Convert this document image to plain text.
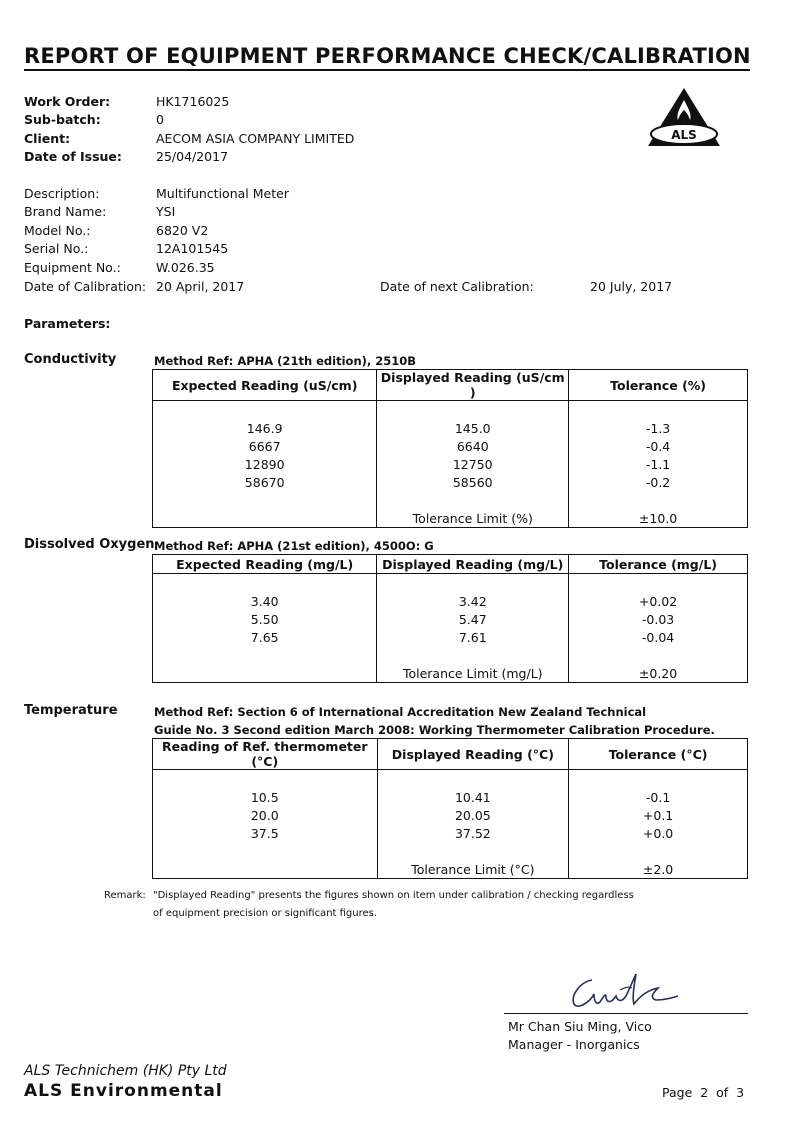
REPORT OF EQUIPMENT PERFORMANCE CHECK/CALIBRATION
ALS
Work Order:	HK1716025
Sub-batch:	0
Client:	AECOM ASIA COMPANY LIMITED
Date of Issue:	25/04/2017
Description:	Multifunctional Meter
Brand Name:	YSI
Model No.:	6820 V2
Serial No.:	12A101545
Equipment No.:	W.026.35
Date of Calibration: 20 April, 2017	Date of next Calibration:	20 July, 2017
Parameters:
Conductivity	Method Ref: APHA (21th edition), 2510B
Expected Reading (uS/cm)	Displayed Reading (uS/cm )	Tolerance (%)

146.9	145.0	-1.3
6667	6640	-0.4
12890	12750	-1.1
58670	58560	-0.2

	Tolerance Limit (%)	±10.0
Dissolved Oxygen Method Ref: APHA (21st edition), 4500O: G
Expected Reading (mg/L)	Displayed Reading (mg/L)	Tolerance (mg/L)

3.40	3.42	+0.02
5.50	5.47	-0.03
7.65	7.61	-0.04

	Tolerance Limit (mg/L)	±0.20
Temperature	Method Ref: Section 6 of International Accreditation New Zealand Technical
Guide No. 3 Second edition March 2008: Working Thermometer Calibration Procedure.
Reading of Ref. thermometer (°C)	Displayed Reading (°C)	Tolerance (°C)

10.5	10.41	-0.1
20.0	20.05	+0.1
37.5	37.52	+0.0

	Tolerance Limit (°C)	±2.0
Remark: "Displayed Reading" presents the figures shown on item under calibration / checking regardless
of equipment precision or significant figures.
Mr Chan Siu Ming, Vico
Manager - Inorganics
ALS Technichem (HK) Pty Ltd
ALS Environmental	Page  2  of  3
